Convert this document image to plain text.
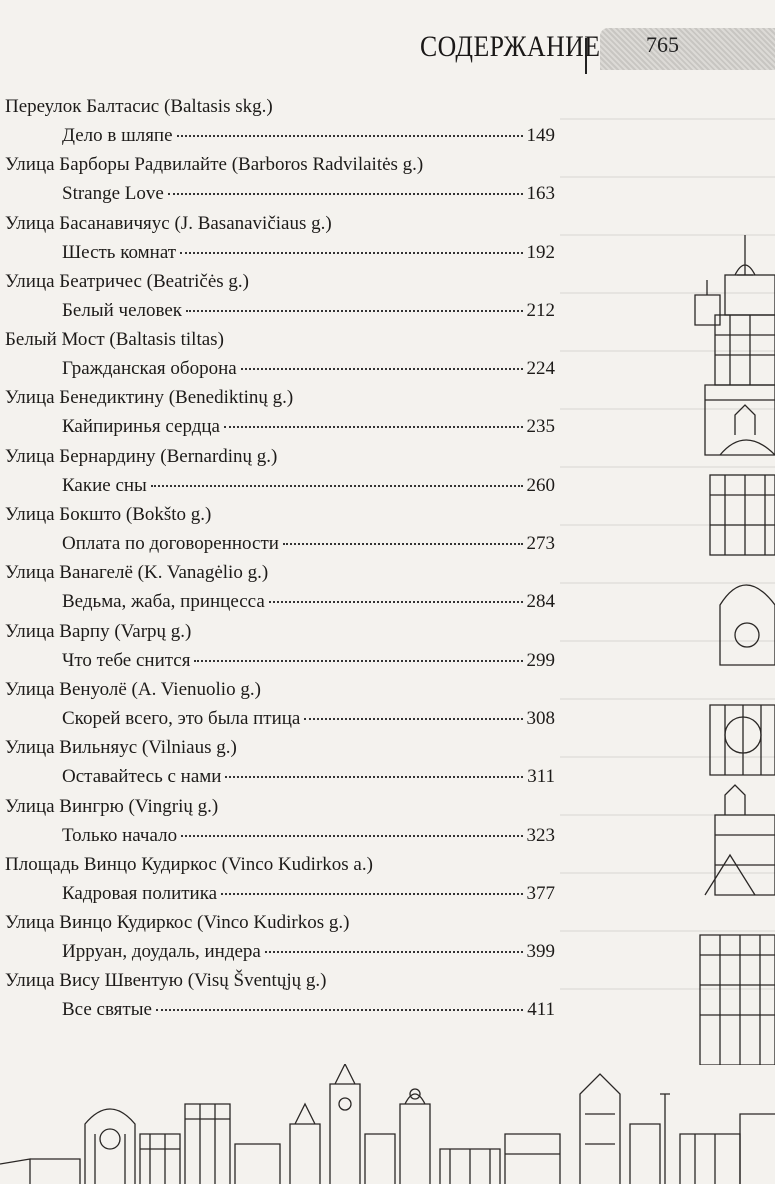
765
СОДЕРЖАНИЕ
Переулок Балтасис (Baltasis skg.)
Дело в шляпе	149
Улица Барборы Радвилайте (Barboros Radvilaitės g.)
Strange Love	163
Улица Басанавичяус (J. Basanavičiaus g.)
Шесть комнат	192
Улица Беатричес (Beatričės g.)
Белый человек	212
Белый Мост (Baltasis tiltas)
Гражданская оборона	224
Улица Бенедиктину (Benediktinų g.)
Кайпиринья сердца	235
Улица Бернардину (Bernardinų g.)
Какие сны	260
Улица Бокшто (Bokšto g.)
Оплата по договоренности	273
Улица Ванагелё (K. Vanagėlio g.)
Ведьма, жаба, принцесса	284
Улица Варпу (Varpų g.)
Что тебе снится	299
Улица Венуолё (A. Vienuolio g.)
Скорей всего, это была птица	308
Улица Вильняус (Vilniaus g.)
Оставайтесь с нами	311
Улица Вингрю (Vingrių g.)
Только начало	323
Площадь Винцо Кудиркос (Vinco Kudirkos a.)
Кадровая политика	377
Улица Винцо Кудиркос (Vinco Kudirkos g.)
Ирруан, доудаль, индера	399
Улица Вису Швентую (Visų Šventųjų g.)
Все святые	411
